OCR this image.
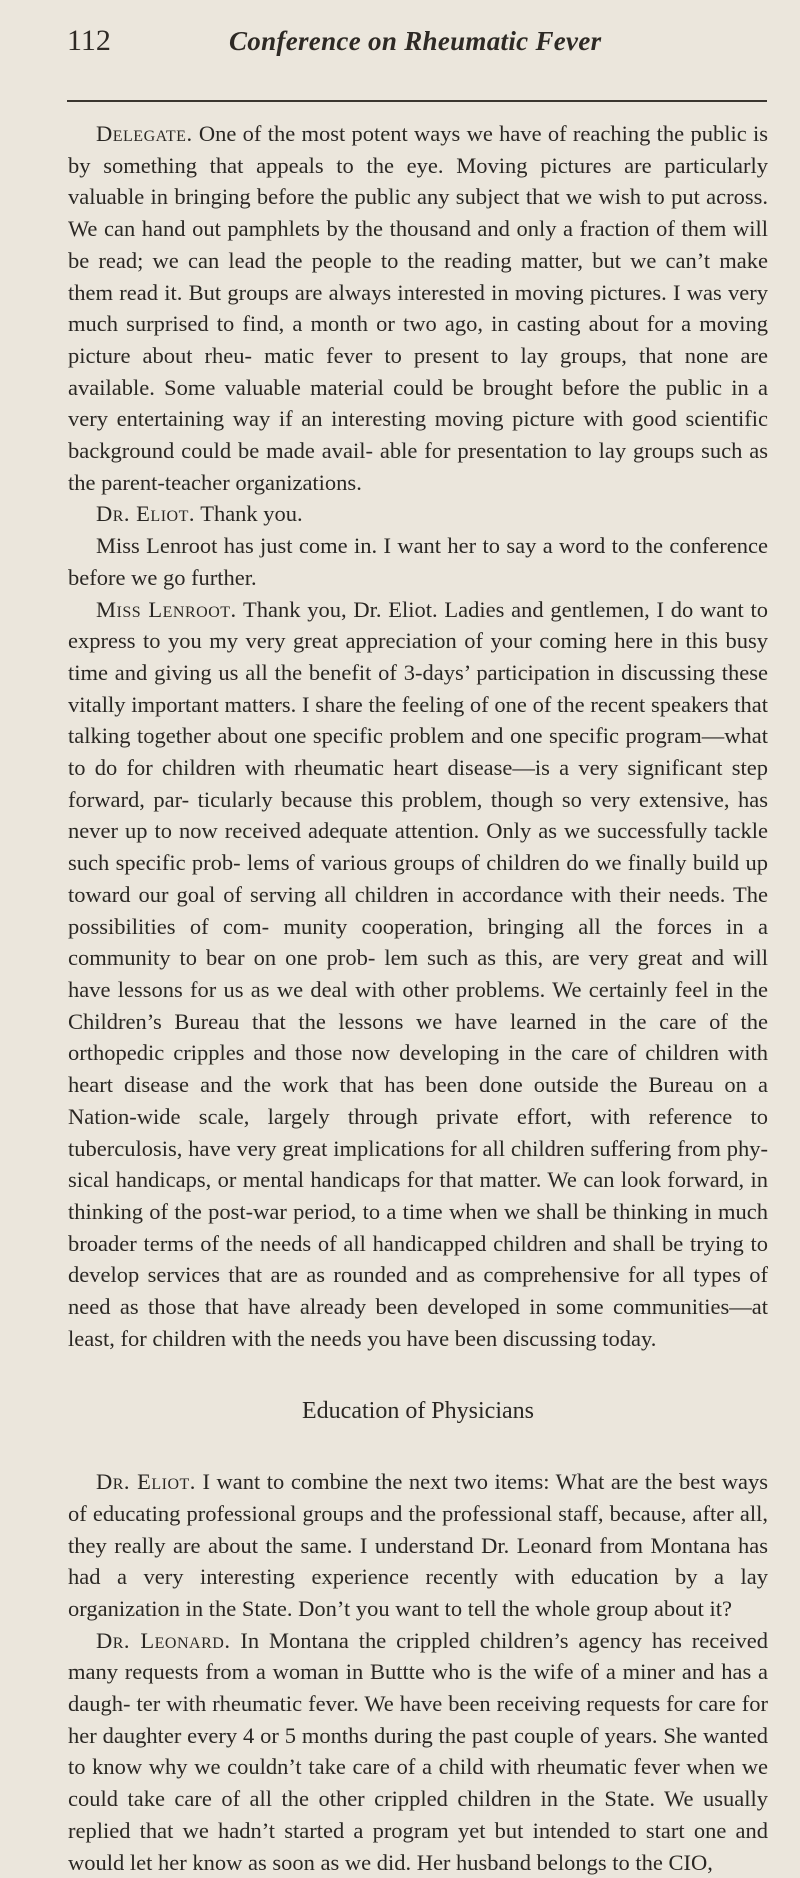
112	Conference on Rheumatic Fever

Delegate. One of the most potent ways we have of reaching the public is by something that appeals to the eye. Moving pictures are particularly valuable in bringing before the public any subject that we wish to put across. We can hand out pamphlets by the thousand and only a fraction of them will be read; we can lead the people to the reading matter, but we can’t make them read it. But groups are always interested in moving pictures. I was very much surprised to find, a month or two ago, in casting about for a moving picture about rheu- matic fever to present to lay groups, that none are available. Some valuable material could be brought before the public in a very entertaining way if an interesting moving picture with good scientific background could be made avail- able for presentation to lay groups such as the parent-teacher organizations.

Dr. Eliot. Thank you.

Miss Lenroot has just come in. I want her to say a word to the conference before we go further.

Miss Lenroot. Thank you, Dr. Eliot. Ladies and gentlemen, I do want to express to you my very great appreciation of your coming here in this busy time and giving us all the benefit of 3-days’ participation in discussing these vitally important matters. I share the feeling of one of the recent speakers that talking together about one specific problem and one specific program—what to do for children with rheumatic heart disease—is a very significant step forward, par- ticularly because this problem, though so very extensive, has never up to now received adequate attention. Only as we successfully tackle such specific prob- lems of various groups of children do we finally build up toward our goal of serving all children in accordance with their needs. The possibilities of com- munity cooperation, bringing all the forces in a community to bear on one prob- lem such as this, are very great and will have lessons for us as we deal with other problems. We certainly feel in the Children’s Bureau that the lessons we have learned in the care of the orthopedic cripples and those now developing in the care of children with heart disease and the work that has been done outside the Bureau on a Nation-wide scale, largely through private effort, with reference to tuberculosis, have very great implications for all children suffering from phy- sical handicaps, or mental handicaps for that matter. We can look forward, in thinking of the post-war period, to a time when we shall be thinking in much broader terms of the needs of all handicapped children and shall be trying to develop services that are as rounded and as comprehensive for all types of need as those that have already been developed in some communities—at least, for children with the needs you have been discussing today.

Education of Physicians

Dr. Eliot. I want to combine the next two items: What are the best ways of educating professional groups and the professional staff, because, after all, they really are about the same. I understand Dr. Leonard from Montana has had a very interesting experience recently with education by a lay organization in the State. Don’t you want to tell the whole group about it?

Dr. Leonard. In Montana the crippled children’s agency has received many requests from a woman in Buttte who is the wife of a miner and has a daugh- ter with rheumatic fever. We have been receiving requests for care for her daughter every 4 or 5 months during the past couple of years. She wanted to know why we couldn’t take care of a child with rheumatic fever when we could take care of all the other crippled children in the State. We usually replied that we hadn’t started a program yet but intended to start one and would let her know as soon as we did. Her husband belongs to the CIO,
